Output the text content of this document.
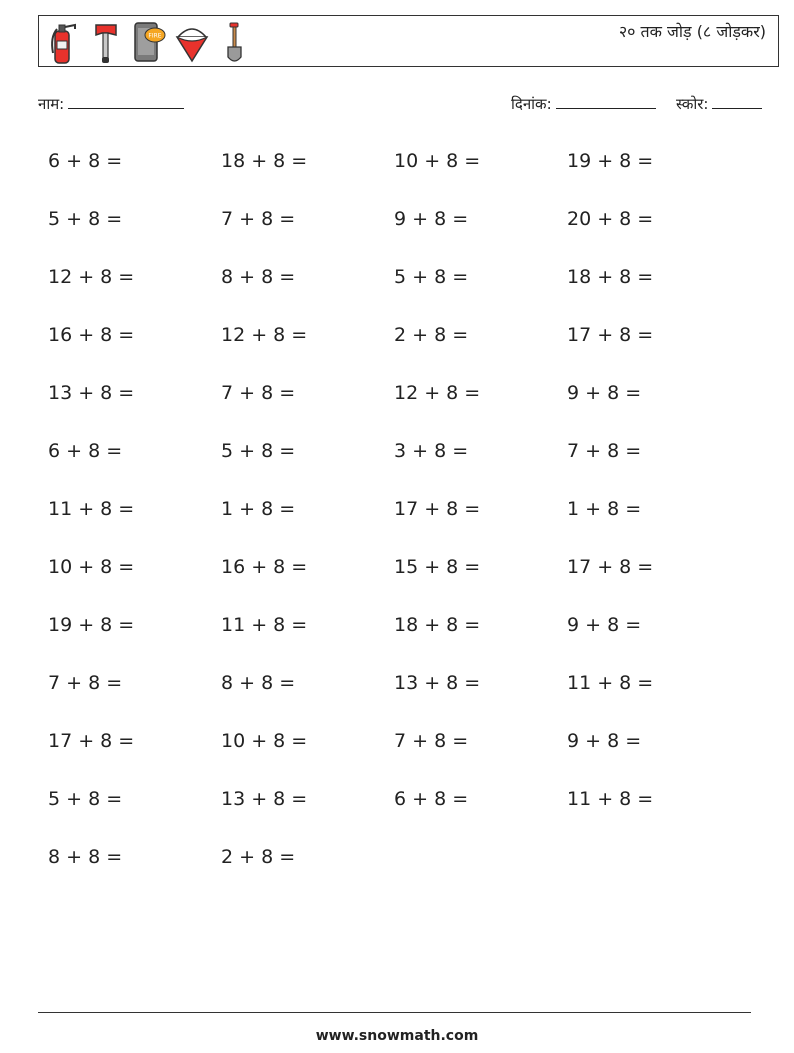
FIRE	२० तक जोड़ (८ जोड़कर)
नाम:	दिनांक:	स्कोर:
6 + 8 =	18 + 8 =	10 + 8 =	19 + 8 =
5 + 8 =	7 + 8 =	9 + 8 =	20 + 8 =
12 + 8 =	8 + 8 =	5 + 8 =	18 + 8 =
16 + 8 =	12 + 8 =	2 + 8 =	17 + 8 =
13 + 8 =	7 + 8 =	12 + 8 =	9 + 8 =
6 + 8 =	5 + 8 =	3 + 8 =	7 + 8 =
11 + 8 =	1 + 8 =	17 + 8 =	1 + 8 =
10 + 8 =	16 + 8 =	15 + 8 =	17 + 8 =
19 + 8 =	11 + 8 =	18 + 8 =	9 + 8 =
7 + 8 =	8 + 8 =	13 + 8 =	11 + 8 =
17 + 8 =	10 + 8 =	7 + 8 =	9 + 8 =
5 + 8 =	13 + 8 =	6 + 8 =	11 + 8 =
8 + 8 =	2 + 8 =
www.snowmath.com
